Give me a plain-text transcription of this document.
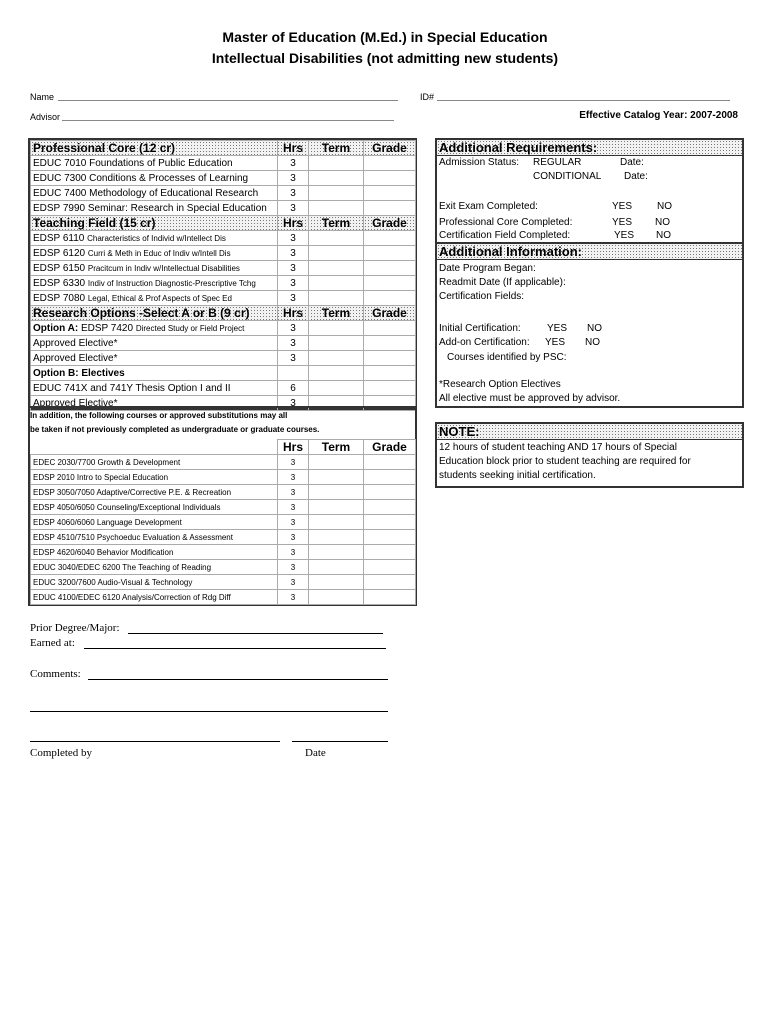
Master of Education (M.Ed.) in Special Education
Intellectual Disabilities (not admitting new students)
Name	ID#
Advisor	Effective Catalog Year: 2007-2008
Professional Core (12 cr)	Hrs	Term	Grade
EDUC 7010 Foundations of Public Education	3		
EDUC 7300 Conditions & Processes of Learning	3		
EDUC 7400 Methodology of Educational Research	3		
EDSP 7990 Seminar: Research in Special Education	3		
Teaching Field (15 cr)	Hrs	Term	Grade
EDSP 6110 Characteristics of Individ w/Intellect Dis	3		
EDSP 6120 Curri & Meth in Educ of Indiv w/Intell Dis	3		
EDSP 6150 Pracitcum in Indiv w/Intellectual Disabilities	3		
EDSP 6330 Indiv of Instruction Diagnostic-Prescriptive Tchg	3		
EDSP 7080 Legal, Ethical & Prof Aspects of Spec Ed	3		
Research Options -Select A or B (9 cr)	Hrs	Term	Grade
Option A: EDSP 7420 Directed Study or Field Project	3		
Approved Elective*	3		
Approved Elective*	3		
Option B: Electives			
EDUC 741X and 741Y Thesis Option I and II	6		
Approved Elective*	3		
In addition, the following courses or approved substitutions may all
be taken if not previously completed as undergraduate or graduate courses.
	Hrs	Term	Grade
EDEC 2030/7700 Growth & Development	3		
EDSP 2010 Intro to Special Education	3		
EDSP 3050/7050 Adaptive/Corrective P.E. & Recreation	3		
EDSP 4050/6050 Counseling/Exceptional Individuals	3		
EDSP 4060/6060 Language Development	3		
EDSP 4510/7510 Psychoeduc Evaluation & Assessment	3		
EDSP 4620/6040 Behavior Modification	3		
EDUC 3040/EDEC 6200 The Teaching of Reading	3		
EDUC 3200/7600 Audio-Visual & Technology	3		
EDUC 4100/EDEC 6120 Analysis/Correction of Rdg Diff	3		
Additional Requirements:
Admission Status: REGULAR	Date:
CONDITIONAL Date:
Exit Exam Completed:	YES NO
Professional Core Completed:	YES NO
Certification Field Completed:	YES NO
Additional Information:
Date Program Began:
Readmit Date (If applicable):
Certification Fields:
Initial Certification:	YES NO
Add-on Certification: YES NO
Courses identified by PSC:
*Research Option Electives
All elective must be approved by advisor.
NOTE:
12 hours of student teaching AND 17 hours of Special
Education block prior to student teaching are required for
students seeking initial certification.
Prior Degree/Major:
Earned at:
Comments:
Completed by	Date
